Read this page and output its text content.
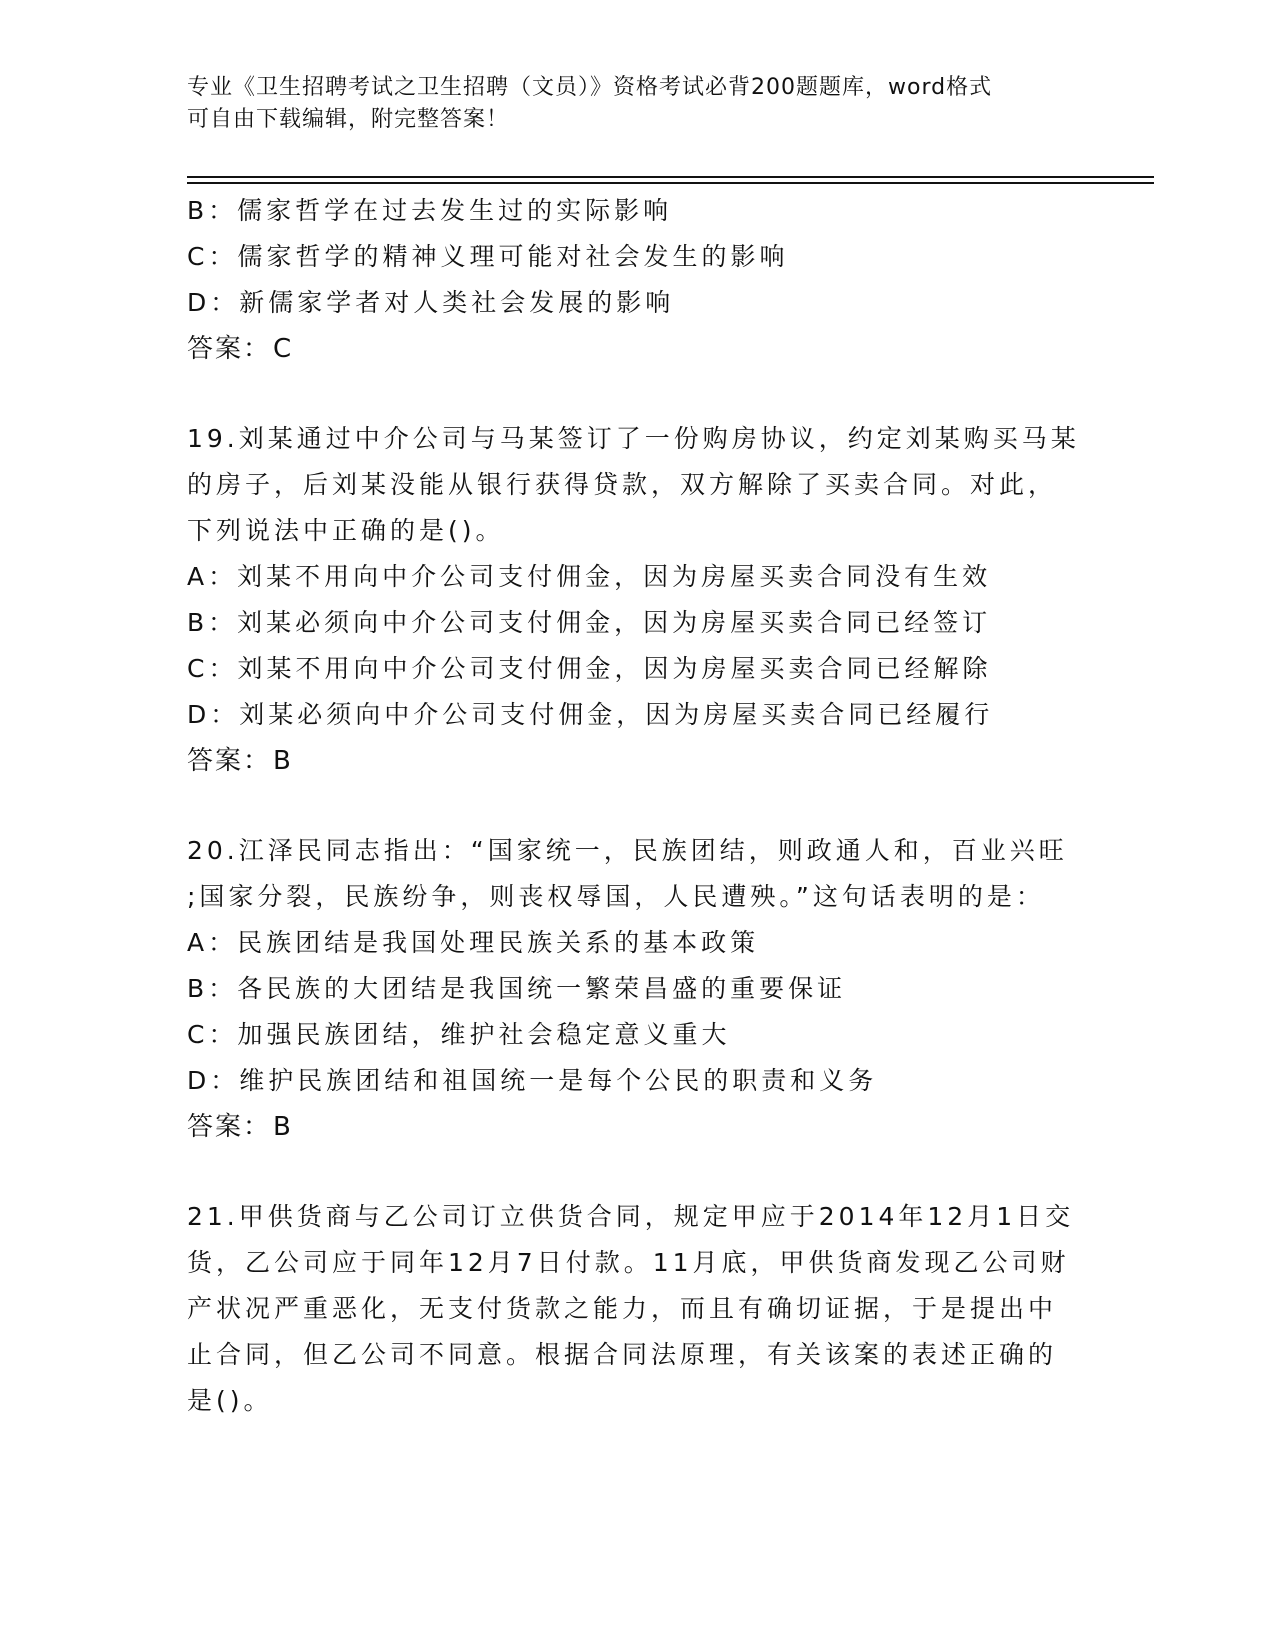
专业《卫生招聘考试之卫生招聘（文员）》资格考试必背200题题库，word格式
可自由下载编辑，附完整答案！
B：儒家哲学在过去发生过的实际影响
C：儒家哲学的精神义理可能对社会发生的影响
D：新儒家学者对人类社会发展的影响
答案：C
19.刘某通过中介公司与马某签订了一份购房协议，约定刘某购买马某
的房子，后刘某没能从银行获得贷款，双方解除了买卖合同。对此，
下列说法中正确的是()。
A：刘某不用向中介公司支付佣金，因为房屋买卖合同没有生效
B：刘某必须向中介公司支付佣金，因为房屋买卖合同已经签订
C：刘某不用向中介公司支付佣金，因为房屋买卖合同已经解除
D：刘某必须向中介公司支付佣金，因为房屋买卖合同已经履行
答案：B
20.江泽民同志指出：“国家统一，民族团结，则政通人和，百业兴旺
;国家分裂，民族纷争，则丧权辱国，人民遭殃。”这句话表明的是：
A：民族团结是我国处理民族关系的基本政策
B：各民族的大团结是我国统一繁荣昌盛的重要保证
C：加强民族团结，维护社会稳定意义重大
D：维护民族团结和祖国统一是每个公民的职责和义务
答案：B
21.甲供货商与乙公司订立供货合同，规定甲应于2014年12月1日交
货，乙公司应于同年12月7日付款。11月底，甲供货商发现乙公司财
产状况严重恶化，无支付货款之能力，而且有确切证据，于是提出中
止合同，但乙公司不同意。根据合同法原理，有关该案的表述正确的
是()。
